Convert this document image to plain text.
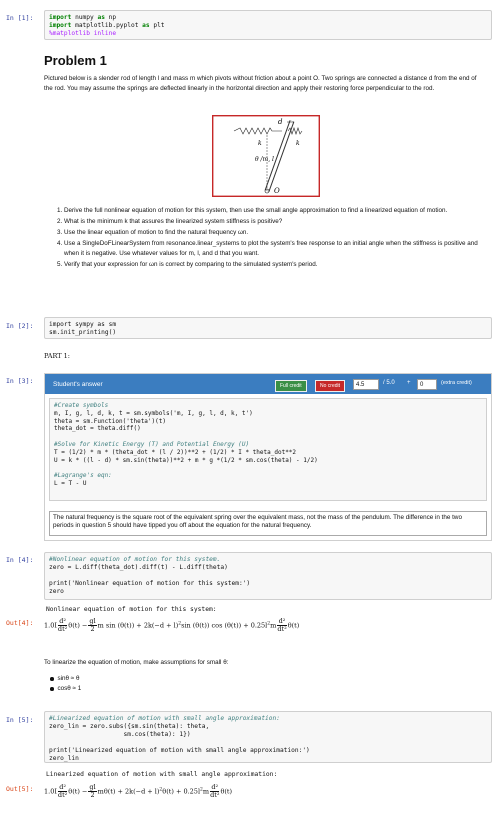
In [1]:	import numpy as np
import matplotlib.pyplot as plt
%matplotlib inline
Problem 1
Pictured below is a slender rod of length l and mass m which pivots without friction about a point O. Two springs are connected a distance d from the end of the rod. You may assume the springs are deflected linearly in the horizontal direction and apply their restoring force perpendicular to the rod.
d
k	k
θ /m, l
O
1. Derive the full nonlinear equation of motion for this system, then use the small angle approximation to find a linearized equation of motion.
2. What is the minimum k that assures the linearized system stiffness is positive?
3. Use the linear equation of motion to find the natural frequency ωn.
4. Use a SingleDoFLinearSystem from resonance.linear_systems to plot the system's free response to an initial angle when the stiffness is positive and when it is negative. Use whatever values for m, l, and d that you want.
5. Verify that your expression for ωn is correct by comparing to the simulated system's period.
In [2]:	import sympy as sm
sm.init_printing()
PART 1:
In [3]:	Student's answer	Full credit	No credit	4.5	/ 5.0 +	0	(extra credit)
#Create symbols
m, I, g, l, d, k, t = sm.symbols('m, I, g, l, d, k, t')
theta = sm.Function('theta')(t)
theta_dot = theta.diff()

#Solve for Kinetic Energy (T) and Potential Energy (U)
T = (1/2) * m * (theta_dot * (l / 2))**2 + (1/2) * I * theta_dot**2
U = k * ((l - d) * sm.sin(theta))**2 + m * g *(1/2 * sm.cos(theta) - 1/2)

#Lagrange's eqn:
L = T - U
The natural frequency is the square root of the equivalent spring over the equivalent mass, not the mass of the pendulum. The difference in the two periods in question 5 should have tipped you off about the equation for the natural frequency.
In [4]:	#Nonlinear equation of motion for this system.
zero = L.diff(theta_dot).diff(t) - L.diff(theta)

print('Nonlinear equation of motion for this system:')
zero
Nonlinear equation of motion for this system:
Out[4]:	$1.0I \frac{\text{d²}}{\text{dt²}} \theta(t) - \frac{gl}{2}$ m $\sin (\theta(t)) + 2k(-d + l)^2\sin$ (θ(t)) $\cos (\theta(t)) + 0.25l^2m \frac{\text{d²}}{\text{dt²}} \theta(t)$
To linearize the equation of motion, make assumptions for small θ:
sinθ ≈ θ
cosθ ≈ 1
In [5]:	#Linearized equation of motion with small angle approximation:
zero_lin = zero.subs({sm.sin(theta): theta,
sm.cos(theta): 1})

print('Linearized equation of motion with small angle approximation:')
zero_lin
Linearized equation of motion with small angle approximation:
Out[5]:	$1.0I \frac{\text{d²}}{\text{dt²}} \theta(t) - \frac{gl}{2} m\theta(t) + 2k(-d + l)^2\theta(t) + 0.25l^2m \frac{\text{d²}}{\text{dt²}} \theta(t)$
